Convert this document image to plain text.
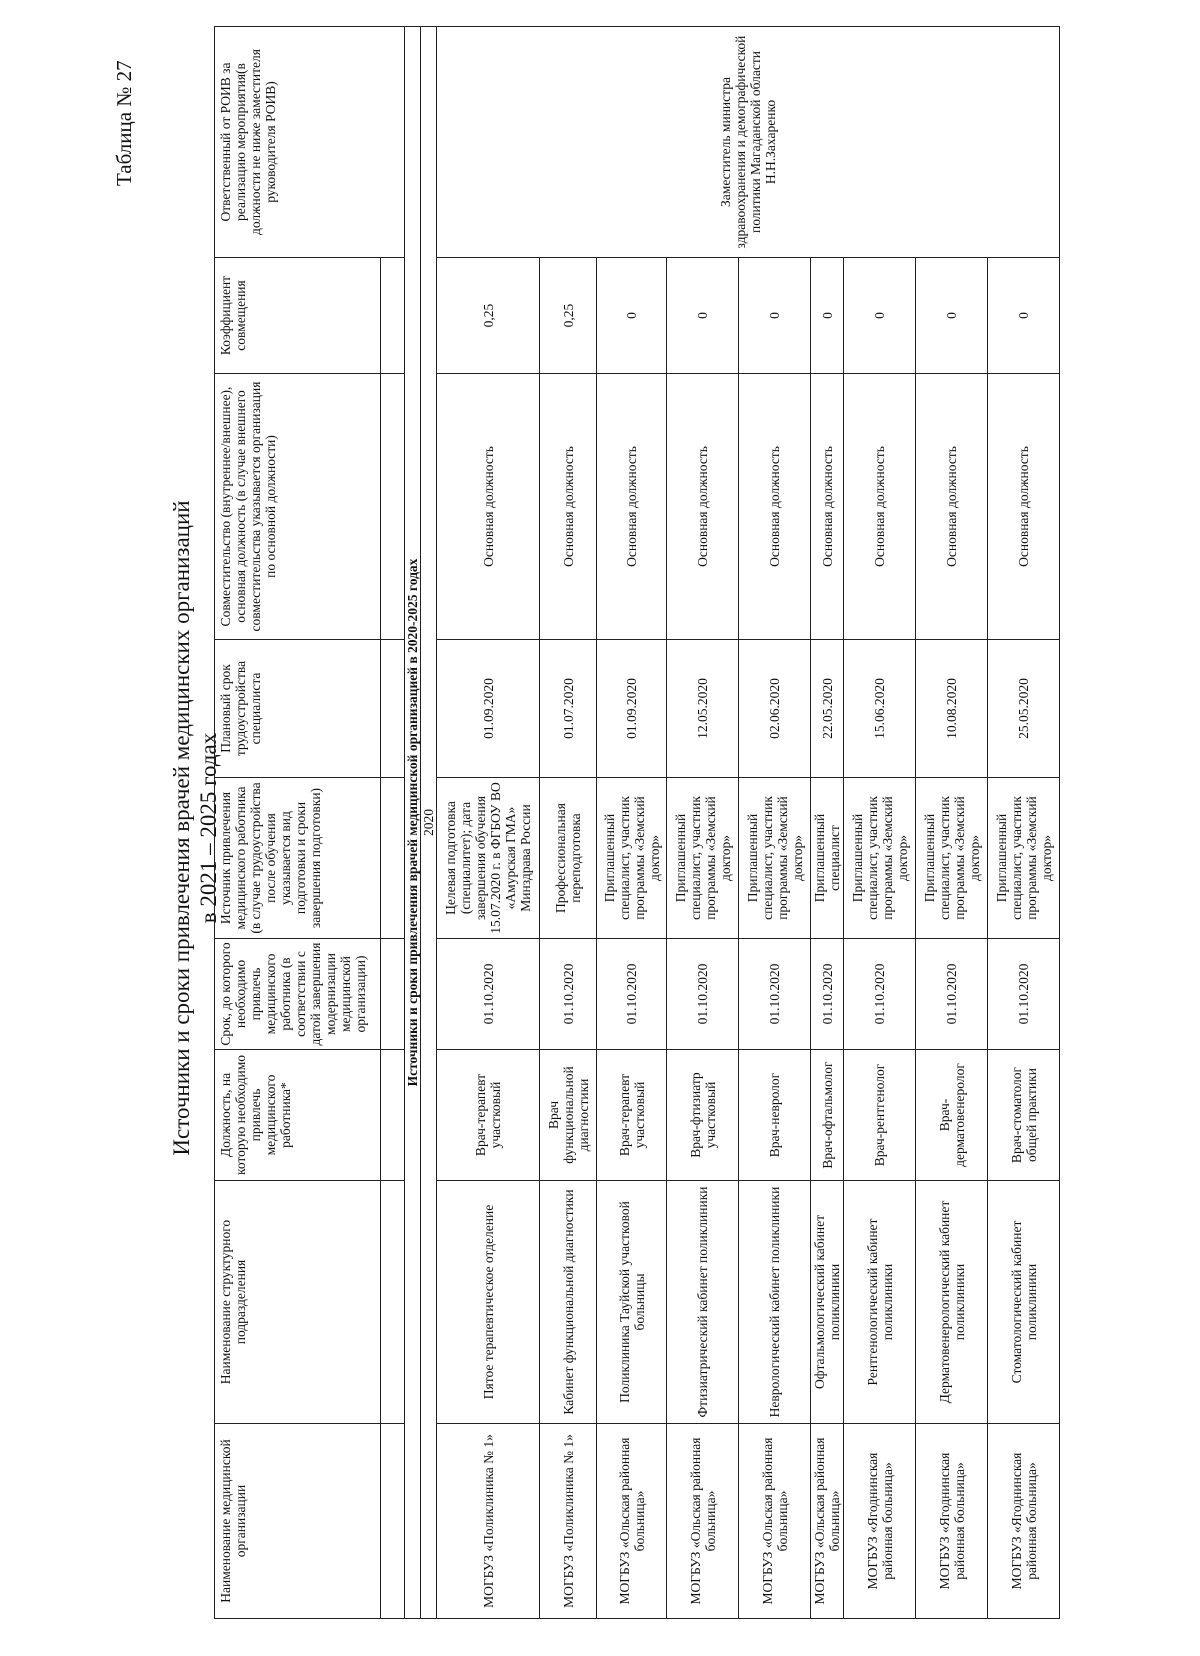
Таблица № 27
Источники и сроки привлечения врачей медицинских организаций в 2021 – 2025 годах
Наименование медицинской организации	Наименование структурного подразделения	Должность, на которую необходимо привлечь медицинского работника*	Срок, до которого необходимо привлечь медицинского работника (в соответствии с датой завершения модернизации медицинской организации)	Источник привлечения медицинского работника (в случае трудоустройства после обучения указывается вид подготовки и сроки завершения подготовки)	Плановый срок трудоустройства специалиста	Совместительство (внутреннее/внешнее), основная должность (в случае внешнего совместительства указывается организация по основной должности)	Коэффициент совмещения	Ответственный от РОИВ за реализацию мероприятия(в должности не ниже заместителя руководителя РОИВ)

Источники и сроки привлечения врачей медицинской организацией в 2020-2025 годах								
2020								
МОГБУЗ «Поликлиника № 1»	Пятое терапевтическое отделение	Врач-терапевт участковый	01.10.2020	Целевая подготовка (специалитет); дата завершения обучения 15.07.2020 г. в ФГБОУ ВО «Амурская ГМА» Минздрава России	01.09.2020	Основная должность	0,25	Заместитель министра здравоохранения и демографической политики Магаданской области Н.Н.Захаренко
МОГБУЗ «Поликлиника № 1»	Кабинет функциональной диагностики	Врач функциональной диагностики	01.10.2020	Профессиональная переподготовка	01.07.2020	Основная должность	0,25	
МОГБУЗ «Ольская районная больница»	Поликлиника Тауйской участковой больницы	Врач-терапевт участковый	01.10.2020	Приглашенный специалист, участник программы «Земский доктор»	01.09.2020	Основная должность	0	
МОГБУЗ «Ольская районная больница»	Фтизиатрический кабинет поликлиники	Врач-фтизиатр участковый	01.10.2020	Приглашенный специалист, участник программы «Земский доктор»	12.05.2020	Основная должность	0	
МОГБУЗ «Ольская районная больница»	Неврологический кабинет поликлиники	Врач-невролог	01.10.2020	Приглашенный специалист, участник программы «Земский доктор»	02.06.2020	Основная должность	0	
МОГБУЗ «Ольская районная больница»	Офтальмологический кабинет поликлиники	Врач-офтальмолог	01.10.2020	Приглашенный специалист	22.05.2020	Основная должность	0	
МОГБУЗ «Ягоднинская районная больница»	Рентгенологический кабинет поликлиники	Врач-рентгенолог	01.10.2020	Приглашенный специалист, участник программы «Земский доктор»	15.06.2020	Основная должность	0	
МОГБУЗ «Ягоднинская районная больница»	Дерматовенерологический кабинет поликлиники	Врач-дерматовенеролог	01.10.2020	Приглашенный специалист, участник программы «Земский доктор»	10.08.2020	Основная должность	0	
МОГБУЗ «Ягоднинская районная больница»	Стоматологический кабинет поликлиники	Врач-стоматолог общей практики	01.10.2020	Приглашенный специалист, участник программы «Земский доктор»	25.05.2020	Основная должность	0	
